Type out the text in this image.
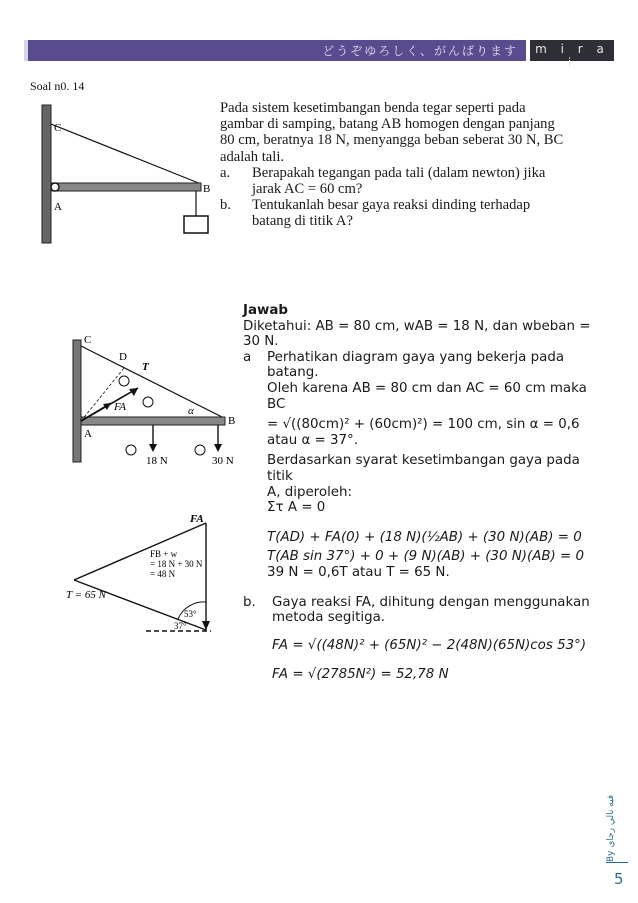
どうぞゆろしく、がんばります	m i r a i
Soal n0. 14
C
B
A
Pada sistem kesetimbangan benda tegar seperti pada
gambar di samping, batang AB homogen dengan panjang
80 cm, beratnya 18 N, menyangga beban seberat 30 N, BC
adalah tali.
a.	Berapakah tegangan pada tali (dalam newton) jika
jarak AC = 60 cm?
b.	Tentukanlah besar gaya reaksi dinding terhadap
batang di titik A?
C
D
T
FA	α
A
B
18 N	30 N
FA
T = 65 N
FB + w
= 18 N + 30 N
= 48 N
53°
37°
Jawab
Diketahui: AB = 80 cm, wAB = 18 N, dan wbeban = 30 N.
a	Perhatikan diagram gaya yang bekerja pada batang.
Oleh karena AB = 80 cm dan AC = 60 cm maka BC
= √((80cm)² + (60cm)²) = 100 cm, sin α = 0,6 atau α = 37°.
Berdasarkan syarat kesetimbangan gaya pada titik
A, diperoleh:
Στ A = 0
T(AD) + FA(0) + (18 N)(½AB) + (30 N)(AB) = 0
T(AB sin 37°) + 0 + (9 N)(AB) + (30 N)(AB) = 0
39 N = 0,6T atau T = 65 N.
b.	Gaya reaksi FA, dihitung dengan menggunakan
metoda segitiga.
FA = √((48N)² + (65N)² − 2(48N)(65N)cos 53°)
FA = √(2785N²) = 52,78 N
By فيه نالي رجاي
5
